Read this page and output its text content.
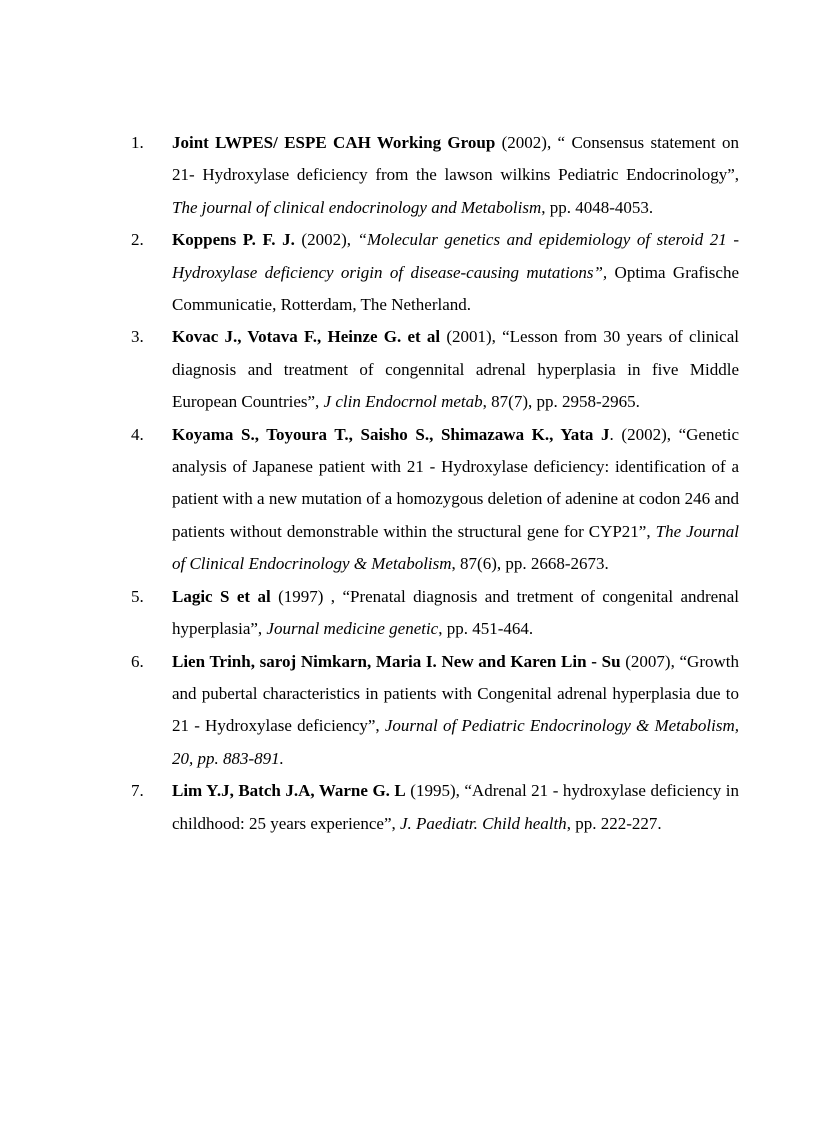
1.	Joint LWPES/ ESPE CAH Working Group (2002), “ Consensus statement on 21- Hydroxylase deficiency from the lawson wilkins Pediatric Endocrinology”, The journal of clinical endocrinology and Metabolism, pp. 4048-4053.
2.	Koppens P. F. J. (2002), “Molecular genetics and epidemiology of steroid 21 - Hydroxylase deficiency origin of disease-causing mutations”, Optima Grafische Communicatie, Rotterdam, The Netherland.
3.	Kovac J., Votava F., Heinze G. et al (2001), “Lesson from 30 years of clinical diagnosis and treatment of congennital adrenal hyperplasia in five Middle European Countries”, J clin Endocrnol metab, 87(7), pp. 2958-2965.
4.	Koyama S., Toyoura T., Saisho S., Shimazawa K., Yata J. (2002), “Genetic analysis of Japanese patient with 21 - Hydroxylase deficiency: identification of a patient with a new mutation of a homozygous deletion of adenine at codon 246 and patients without demonstrable within the structural gene for CYP21”, The Journal of Clinical Endocrinology & Metabolism, 87(6), pp. 2668-2673.
5.	Lagic S et al (1997) , “Prenatal diagnosis and tretment of congenital andrenal hyperplasia”, Journal medicine genetic, pp. 451-464.
6.	Lien Trinh, saroj Nimkarn, Maria I. New and Karen Lin - Su (2007), “Growth and pubertal characteristics in patients with Congenital adrenal hyperplasia due to 21 - Hydroxylase deficiency”, Journal of Pediatric Endocrinology & Metabolism, 20, pp. 883-891.
7.	Lim Y.J, Batch J.A, Warne G. L (1995), “Adrenal 21 - hydroxylase deficiency in childhood: 25 years experience”, J. Paediatr. Child health, pp. 222-227.
